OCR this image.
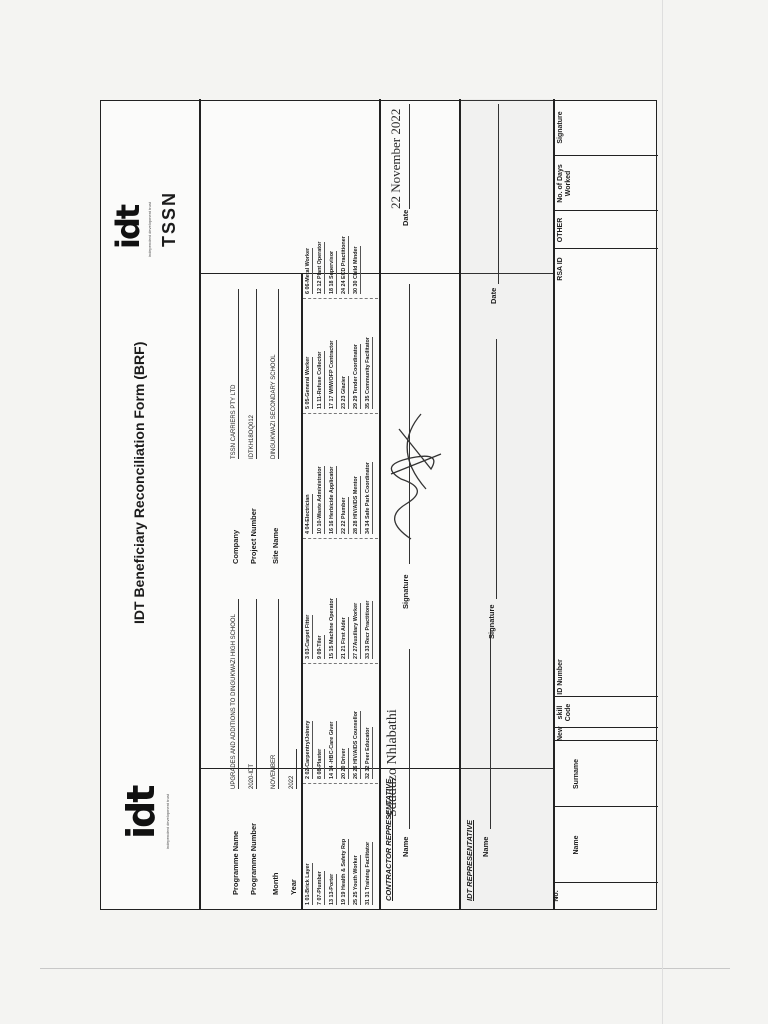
idt independent development trust
IDT Beneficiary Reconciliation Form (BRF)
idt independent development trust TSSN
Programme Name
UPGRADES AND ADDITIONS TO DINGUKWAZI HIGH SCHOOL
Programme Number
2020-IDT
Month
NOVEMBER
Year
2022
Company
TSSN CARRIERS PTY LTD
Project Number
IDTKH18OQ012
Site Name
DINGUKWAZI SECONDARY SCHOOL
1 01-Brick Layer
2 02-Carpentry/Joinery
3 03-Carpet Fitter
4 04-Electrician
5 05-General Worker
6 06-Metal Worker
7 07-Plumber
8 08-Plaster
9 09-Tiler
10 10-Waste Administrator
11 11-Refuse Collector
12 12 Plant Operator
13 13-Porter
14 14 -HBC-Care Giver
15 15 Machine Operator
16 16 Herbicide Applicator
17 17 WfW/OFP Contractor
18 18 Supervisor
19 19 Health & Safety Rep
20 20 Driver
21 21 First Aider
22 22 Plumber
23 23 Glazier
24 24 ECD Practitioner
25 25 Youth Worker
26 26 HIV/AIDS Counsellor
27 27Auxiliary Worker
28 28 HIV/AIDS Mentor
29 29 Tender Coordinator
30 30 Child Minder
31 31 Training Facilitator
32 32 Peer Educator
33 33 Recr Practitioner
34 34 Safe Park Coordinator
35 35 Community Facilitator
CONTRACTOR REPRESENTATIVE Name
Sduduzo Nhlabathi
Signature
Date
22 November 2022
IDT REPRESENTATIVE Name
Signature
Date
No.
Name
Surname
New
skill Code
ID Number
RSA ID
OTHER
No. of Days Worked
Signature
